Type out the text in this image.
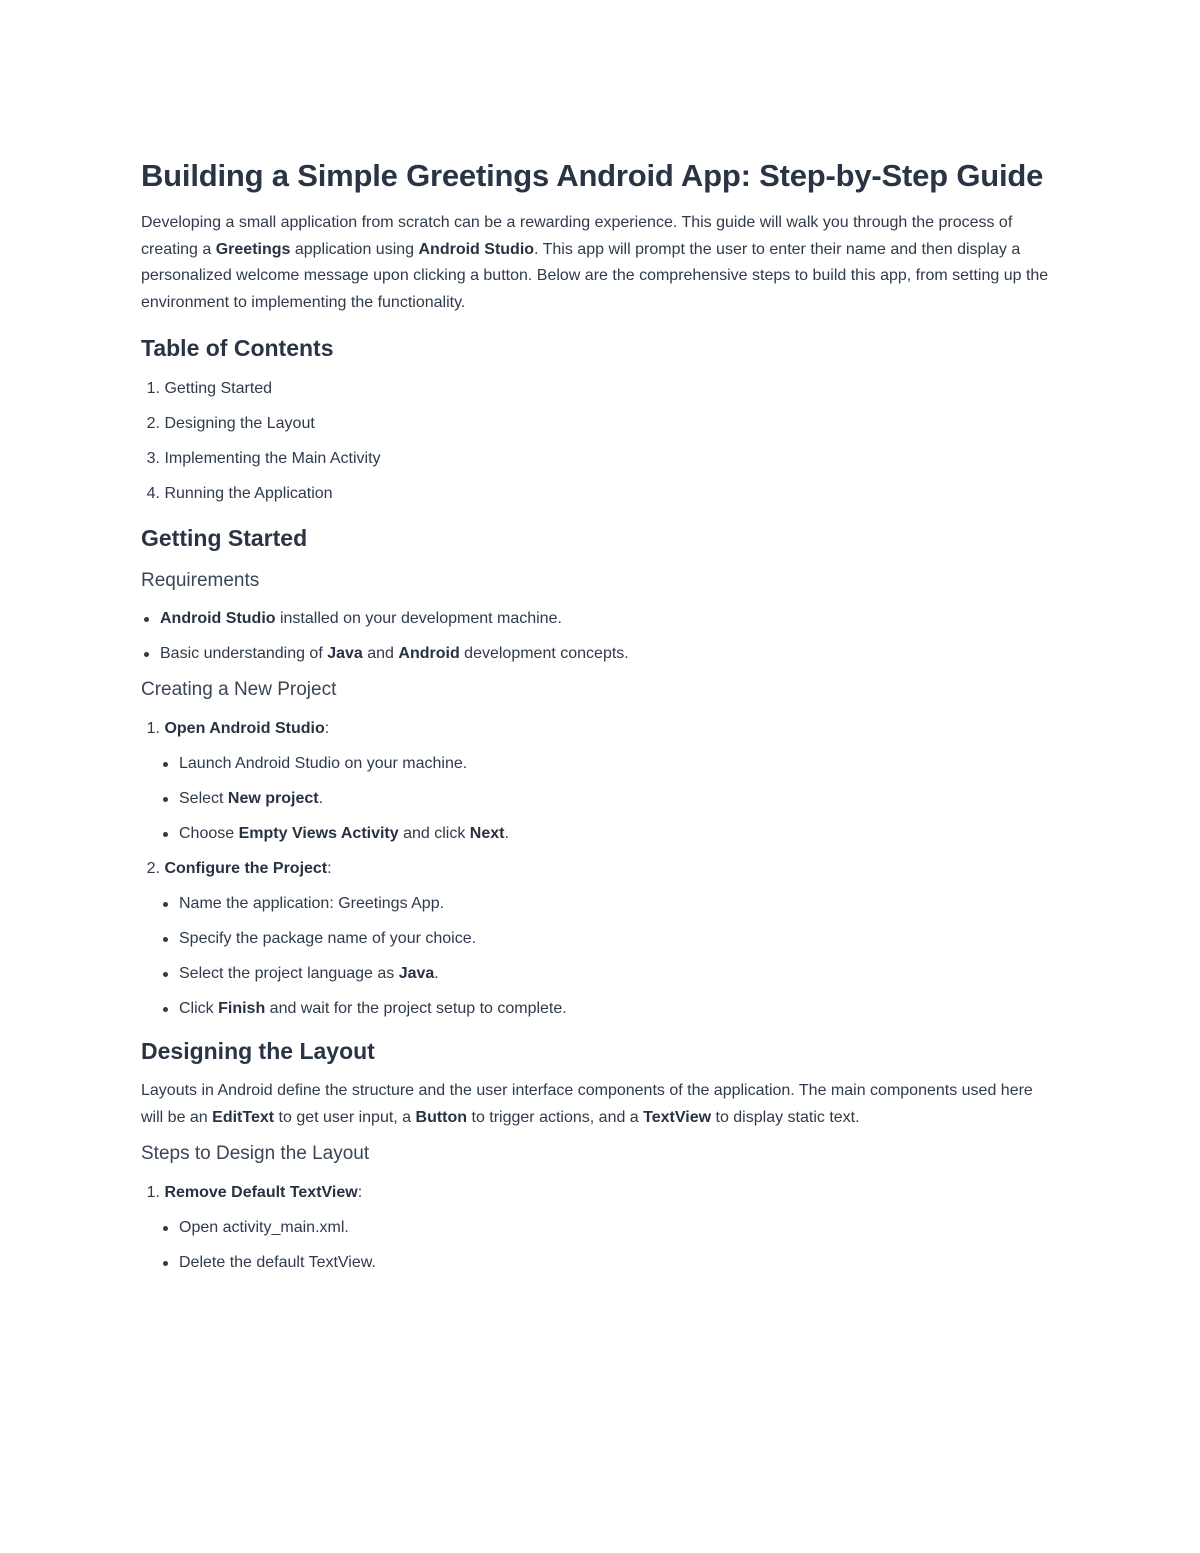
Building a Simple Greetings Android App: Step-by-Step Guide

Developing a small application from scratch can be a rewarding experience. This guide will walk you through the process of creating a Greetings application using Android Studio. This app will prompt the user to enter their name and then display a personalized welcome message upon clicking a button. Below are the comprehensive steps to build this app, from setting up the environment to implementing the functionality.

Table of Contents
1. Getting Started
2. Designing the Layout
3. Implementing the Main Activity
4. Running the Application
Getting Started
Requirements
Android Studio installed on your development machine.
Basic understanding of Java and Android development concepts.
Creating a New Project
1. Open Android Studio:
Launch Android Studio on your machine.
Select New project.
Choose Empty Views Activity and click Next.
2. Configure the Project:
Name the application: Greetings App.
Specify the package name of your choice.
Select the project language as Java.
Click Finish and wait for the project setup to complete.
Designing the Layout

Layouts in Android define the structure and the user interface components of the application. The main components used here will be an EditText to get user input, a Button to trigger actions, and a TextView to display static text.

Steps to Design the Layout
1. Remove Default TextView:
Open activity_main.xml.
Delete the default TextView.
